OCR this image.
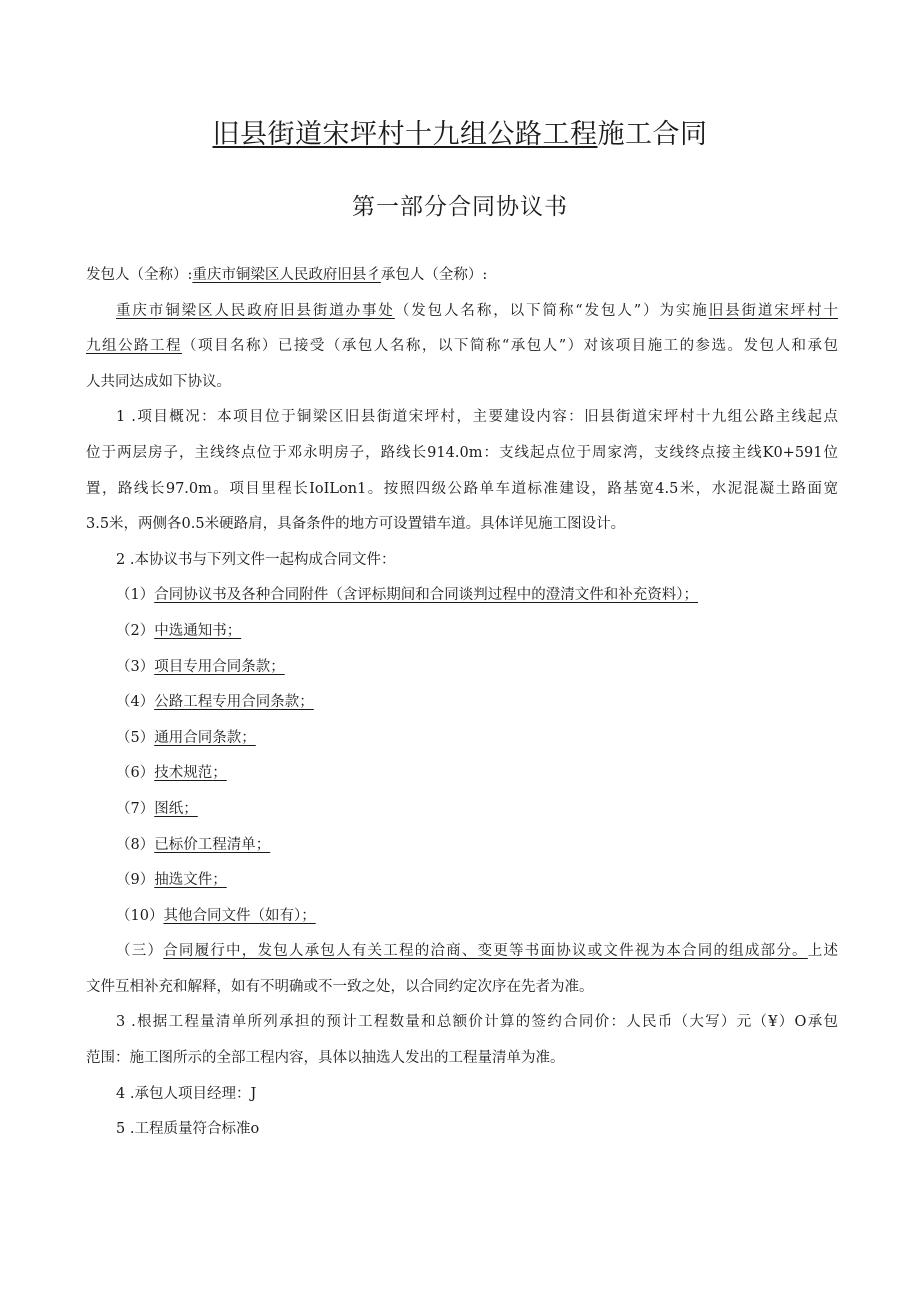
旧县街道宋坪村十九组公路工程施工合同
第一部分合同协议书
发包人（全称）:重庆市铜梁区人民政府旧县彳承包人（全称）:
重庆市铜梁区人民政府旧县街道办事处（发包人名称，以下简称“发包人”）为实施旧县街道宋坪村十
九组公路工程（项目名称）已接受（承包人名称，以下简称“承包人”）对该项目施工的参选。发包人和承包
人共同达成如下协议。
1 .项目概况：本项目位于铜梁区旧县街道宋坪村，主要建设内容：旧县街道宋坪村十九组公路主线起点
位于两层房子，主线终点位于邓永明房子，路线长914.0m：支线起点位于周家湾，支线终点接主线K0+591位
置，路线长97.0m。项目里程长IoILon1。按照四级公路单车道标准建设，路基宽4.5米，水泥混凝土路面宽
3.5米，两侧各0.5米硬路肩，具备条件的地方可设置错车道。具体详见施工图设计。
2 .本协议书与下列文件一起构成合同文件：
（1）合同协议书及各种合同附件（含评标期间和合同谈判过程中的澄清文件和补充资料）；
（2）中选通知书；
（3）项目专用合同条款；
（4）公路工程专用合同条款；
（5）通用合同条款；
（6）技术规范；
（7）图纸；
（8）已标价工程清单；
（9）抽选文件；
（10）其他合同文件（如有）；
（三）合同履行中，发包人承包人有关工程的洽商、变更等书面协议或文件视为本合同的组成部分。上述
文件互相补充和解释，如有不明确或不一致之处，以合同约定次序在先者为准。
3 .根据工程量清单所列承担的预计工程数量和总额价计算的签约合同价：人民币（大写）元（¥）O承包
范围：施工图所示的全部工程内容，具体以抽选人发出的工程量清单为准。
4 .承包人项目经理：J
5 .工程质量符合标准o
